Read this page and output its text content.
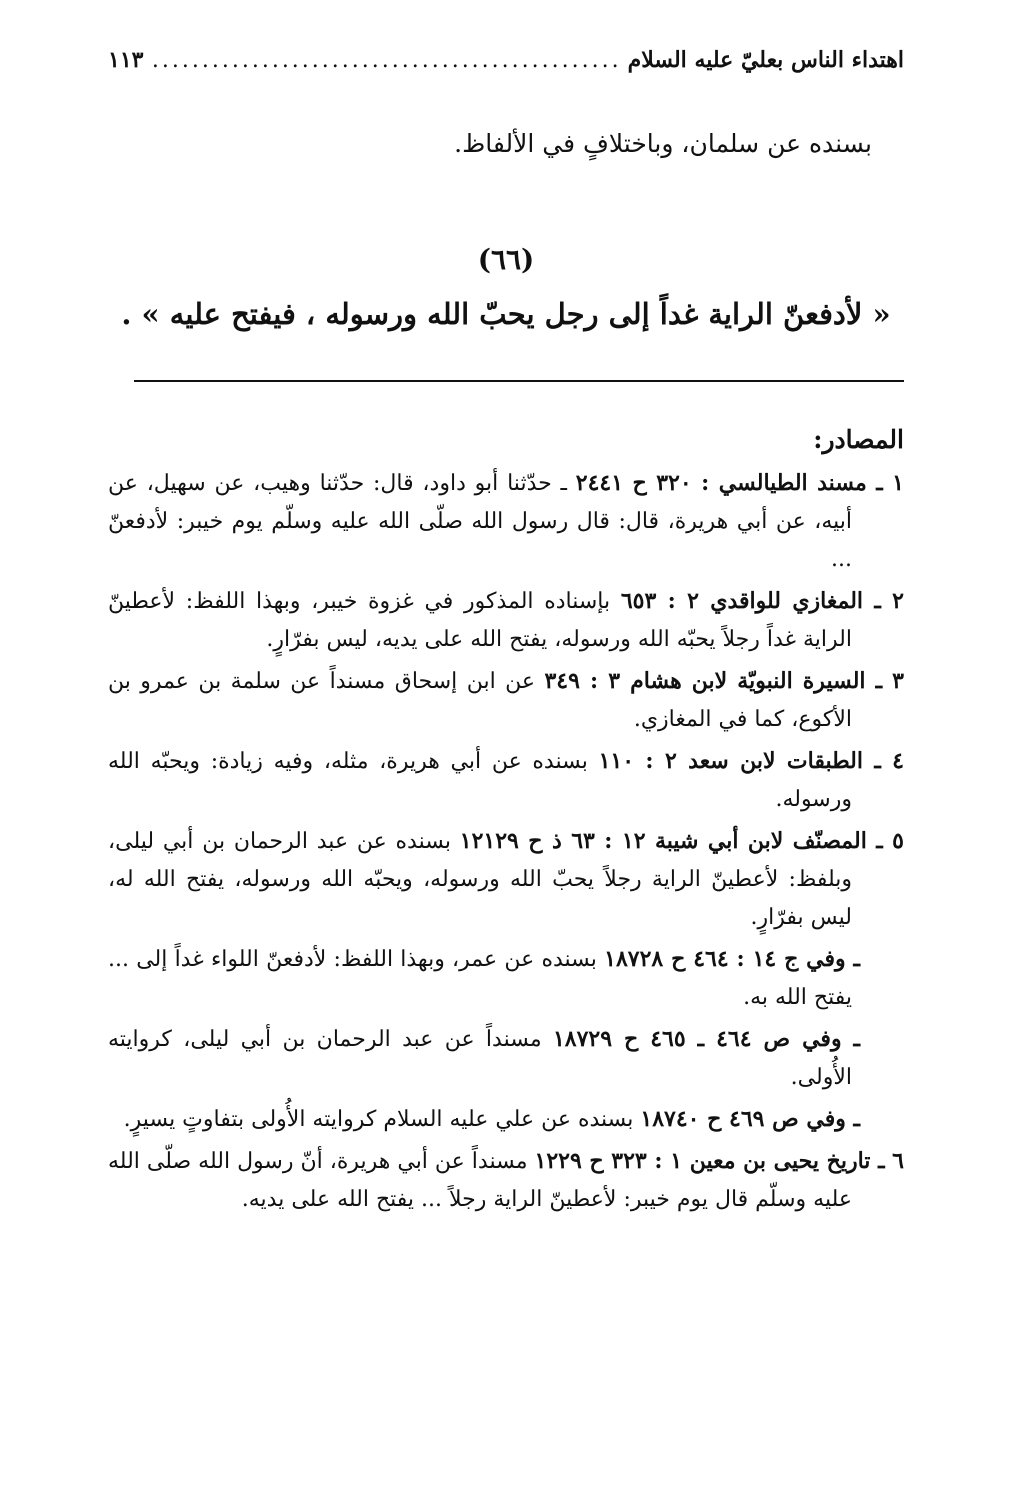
اهتداء الناس بعليّ عليه السلام
.....
١١٣
بسنده عن سلمان، وباختلافٍ في الألفاظ.
(٦٦)
« لأدفعنّ الراية غداً إلى رجل يحبّ الله ورسوله ، فيفتح عليه » .
المصادر:
١ ـ مسند الطيالسي : ٣٢٠ ح ٢٤٤١ ـ حدّثنا أبو داود، قال: حدّثنا وهيب، عن سهيل، عن أبيه، عن أبي هريرة، قال: قال رسول الله صلّى الله عليه وسلّم يوم خيبر: لأدفعنّ ...
٢ ـ المغازي للواقدي ٢ : ٦٥٣ بإسناده المذكور في غزوة خيبر، وبهذا اللفظ: لأعطينّ الراية غداً رجلاً يحبّه الله ورسوله، يفتح الله على يديه، ليس بفرّارٍ.
٣ ـ السيرة النبويّة لابن هشام ٣ : ٣٤٩ عن ابن إسحاق مسنداً عن سلمة بن عمرو بن الأكوع، كما في المغازي.
٤ ـ الطبقات لابن سعد ٢ : ١١٠ بسنده عن أبي هريرة، مثله، وفيه زيادة: ويحبّه الله ورسوله.
٥ ـ المصنّف لابن أبي شيبة ١٢ : ٦٣ ذ ح ١٢١٢٩ بسنده عن عبد الرحمان بن أبي ليلى، وبلفظ: لأعطينّ الراية رجلاً يحبّ الله ورسوله، ويحبّه الله ورسوله، يفتح الله له، ليس بفرّارٍ.
ـ وفي ج ١٤ : ٤٦٤ ح ١٨٧٢٨ بسنده عن عمر، وبهذا اللفظ: لأدفعنّ اللواء غداً إلى ... يفتح الله به.
ـ وفي ص ٤٦٤ ـ ٤٦٥ ح ١٨٧٢٩ مسنداً عن عبد الرحمان بن أبي ليلى، كروايته الأُولى.
ـ وفي ص ٤٦٩ ح ١٨٧٤٠ بسنده عن علي عليه السلام كروايته الأُولى بتفاوتٍ يسيرٍ.
٦ ـ تاريخ يحيى بن معين ١ : ٣٢٣ ح ١٢٢٩ مسنداً عن أبي هريرة، أنّ رسول الله صلّى الله عليه وسلّم قال يوم خيبر: لأعطينّ الراية رجلاً ... يفتح الله على يديه.
